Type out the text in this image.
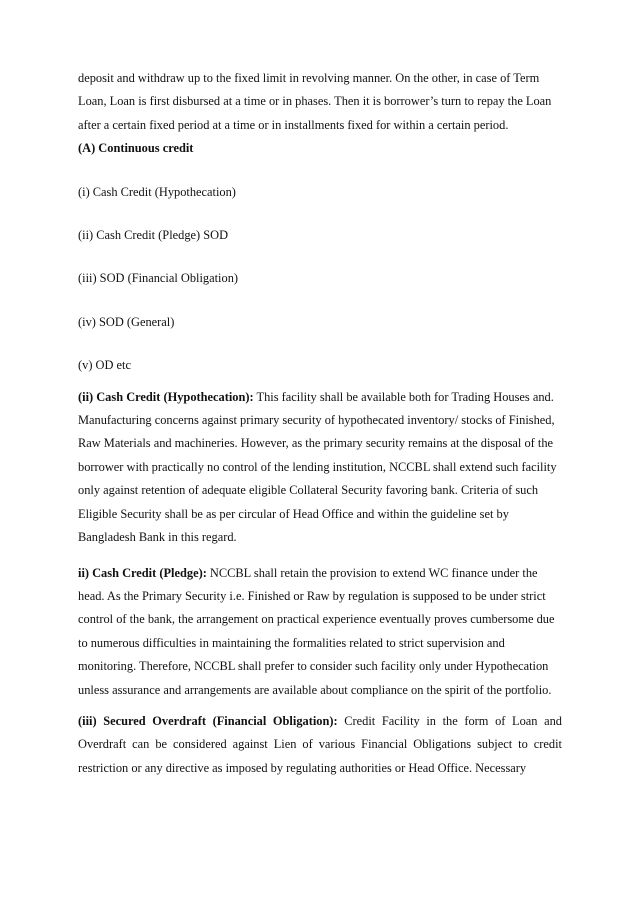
deposit and withdraw up to the fixed limit in revolving manner. On the other, in case of Term Loan, Loan is first disbursed at a time or in phases. Then it is borrower’s turn to repay the Loan after a certain fixed period at a time or in installments fixed for within a certain period.

(A) Continuous credit

(i) Cash Credit (Hypothecation)

(ii) Cash Credit (Pledge) SOD

(iii) SOD (Financial Obligation)

(iv) SOD (General)

(v) OD etc

(ii) Cash Credit (Hypothecation): This facility shall be available both for Trading Houses and. Manufacturing concerns against primary security of hypothecated inventory/ stocks of Finished, Raw Materials and machineries. However, as the primary security remains at the disposal of the borrower with practically no control of the lending institution, NCCBL shall extend such facility only against retention of adequate eligible Collateral Security favoring bank. Criteria of such Eligible Security shall be as per circular of Head Office and within the guideline set by Bangladesh Bank in this regard.

ii) Cash Credit (Pledge): NCCBL shall retain the provision to extend WC finance under the head. As the Primary Security i.e. Finished or Raw by regulation is supposed to be under strict control of the bank, the arrangement on practical experience eventually proves cumbersome due to numerous difficulties in maintaining the formalities related to strict supervision and monitoring. Therefore, NCCBL shall prefer to consider such facility only under Hypothecation unless assurance and arrangements are available about compliance on the spirit of the portfolio.

(iii) Secured Overdraft (Financial Obligation): Credit Facility in the form of Loan and Overdraft can be considered against Lien of various Financial Obligations subject to credit restriction or any directive as imposed by regulating authorities or Head Office. Necessary
